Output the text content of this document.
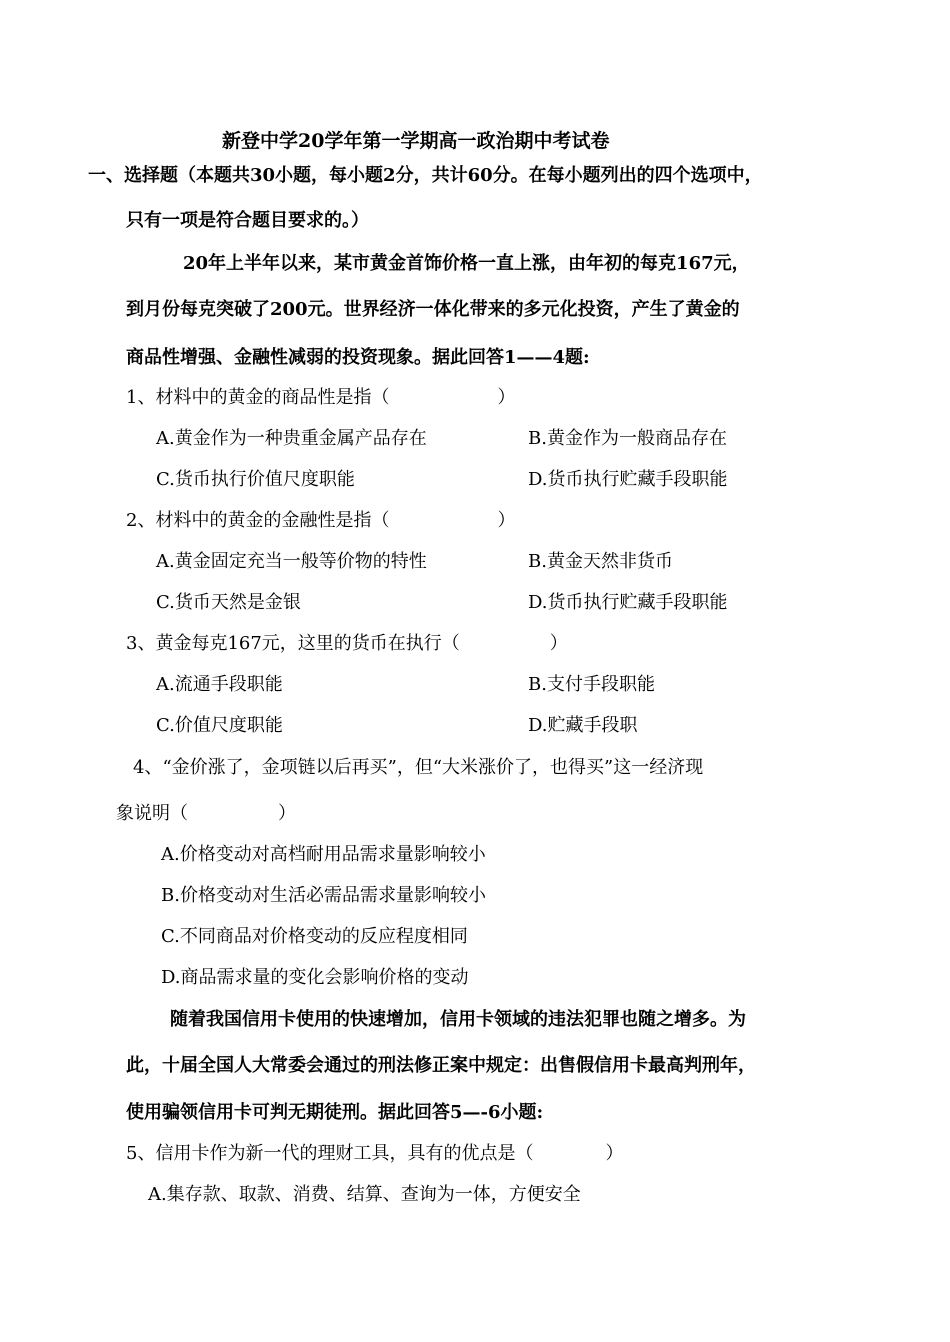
新登中学20学年第一学期高一政治期中考试卷
一、选择题（本题共30小题，每小题2分，共计60分。在每小题列出的四个选项中，
只有一项是符合题目要求的。）
20年上半年以来，某市黄金首饰价格一直上涨，由年初的每克167元，
到月份每克突破了200元。世界经济一体化带来的多元化投资，产生了黄金的
商品性增强、金融性减弱的投资现象。据此回答1——4题:
1、材料中的黄金的商品性是指（　　　　　　）
A.黄金作为一种贵重金属产品存在	B.黄金作为一般商品存在
C.货币执行价值尺度职能	D.货币执行贮藏手段职能
2、材料中的黄金的金融性是指（　　　　　　）
A.黄金固定充当一般等价物的特性	B.黄金天然非货币
C.货币天然是金银	D.货币执行贮藏手段职能
3、黄金每克167元，这里的货币在执行（　　　　　）
A.流通手段职能	B.支付手段职能
C.价值尺度职能	D.贮藏手段职
4、“金价涨了，金项链以后再买”，但“大米涨价了，也得买”这一经济现
象说明（　　　　　）
A.价格变动对高档耐用品需求量影响较小
B.价格变动对生活必需品需求量影响较小
C.不同商品对价格变动的反应程度相同
D.商品需求量的变化会影响价格的变动
随着我国信用卡使用的快速增加，信用卡领域的违法犯罪也随之增多。为
此，十届全国人大常委会通过的刑法修正案中规定：出售假信用卡最高判刑年，
使用骗领信用卡可判无期徒刑。据此回答5—-6小题:
5、信用卡作为新一代的理财工具，具有的优点是（　　　　）
A.集存款、取款、消费、结算、查询为一体，方便安全
